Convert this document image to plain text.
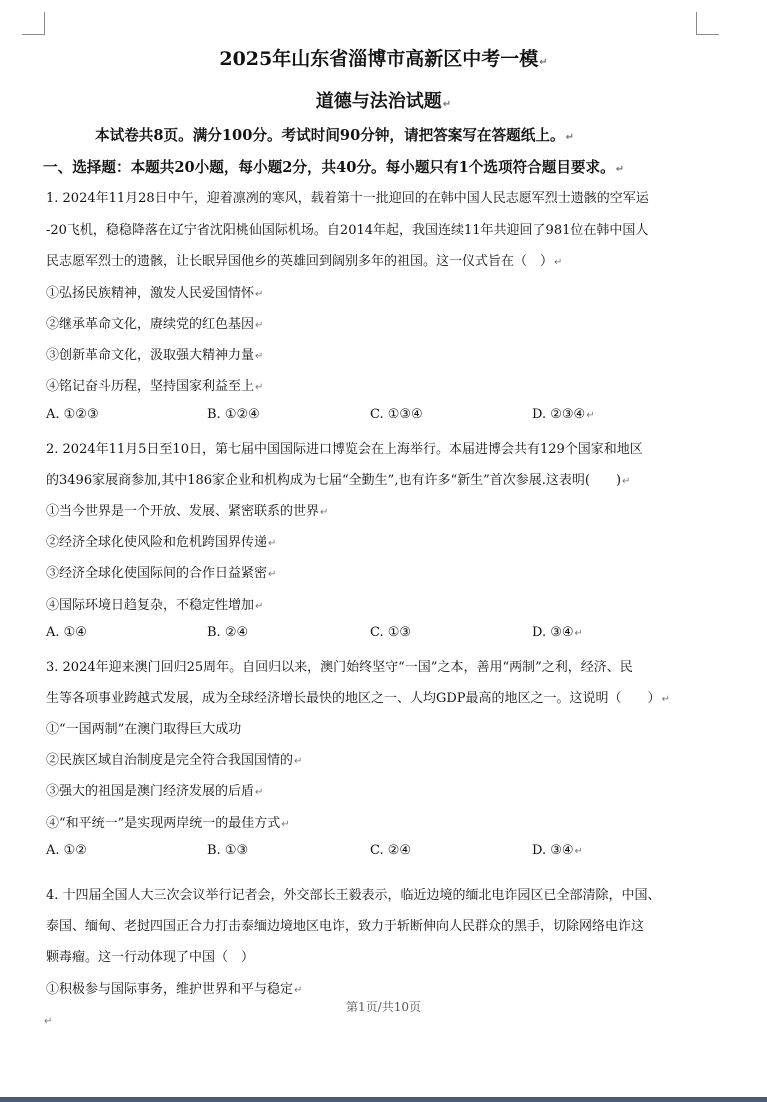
2025年山东省淄博市高新区中考一模↵
道德与法治试题↵
本试卷共8页。满分100分。考试时间90分钟，请把答案写在答题纸上。↵
一、选择题：本题共20小题，每小题2分，共40分。每小题只有1个选项符合题目要求。↵
1. 2024年11月28日中午，迎着凛冽的寒风，载着第十一批迎回的在韩中国人民志愿军烈士遗骸的空军运
-20飞机，稳稳降落在辽宁省沈阳桃仙国际机场。自2014年起，我国连续11年共迎回了981位在韩中国人
民志愿军烈士的遗骸，让长眠异国他乡的英雄回到阔别多年的祖国。这一仪式旨在（　）↵
①弘扬民族精神，激发人民爱国情怀↵
②继承革命文化，赓续党的红色基因↵
③创新革命文化，汲取强大精神力量↵
④铭记奋斗历程，坚持国家利益至上↵
A. ①②③	B. ①②④	C. ①③④	D. ②③④↵
2. 2024年11月5日至10日，第七届中国国际进口博览会在上海举行。本届进博会共有129个国家和地区
的3496家展商参加,其中186家企业和机构成为七届“全勤生”,也有许多“新生”首次参展.这表明(　　)↵
①当今世界是一个开放、发展、紧密联系的世界↵
②经济全球化使风险和危机跨国界传递↵
③经济全球化使国际间的合作日益紧密↵
④国际环境日趋复杂，不稳定性增加↵
A. ①④	B. ②④	C. ①③	D. ③④↵
3. 2024年迎来澳门回归25周年。自回归以来，澳门始终坚守“一国”之本，善用“两制”之利，经济、民
生等各项事业跨越式发展，成为全球经济增长最快的地区之一、人均GDP最高的地区之一。这说明（　　）↵
①“一国两制”在澳门取得巨大成功
②民族区域自治制度是完全符合我国国情的↵
③强大的祖国是澳门经济发展的后盾↵
④“和平统一”是实现两岸统一的最佳方式↵
A. ①②	B. ①③	C. ②④	D. ③④↵
4. 十四届全国人大三次会议举行记者会，外交部长王毅表示，临近边境的缅北电诈园区已全部清除，中国、
泰国、缅甸、老挝四国正合力打击泰缅边境地区电诈，致力于斩断伸向人民群众的黑手，切除网络电诈这
颗毒瘤。这一行动体现了中国（　）
①积极参与国际事务，维护世界和平与稳定↵
第1页/共10页
↵
